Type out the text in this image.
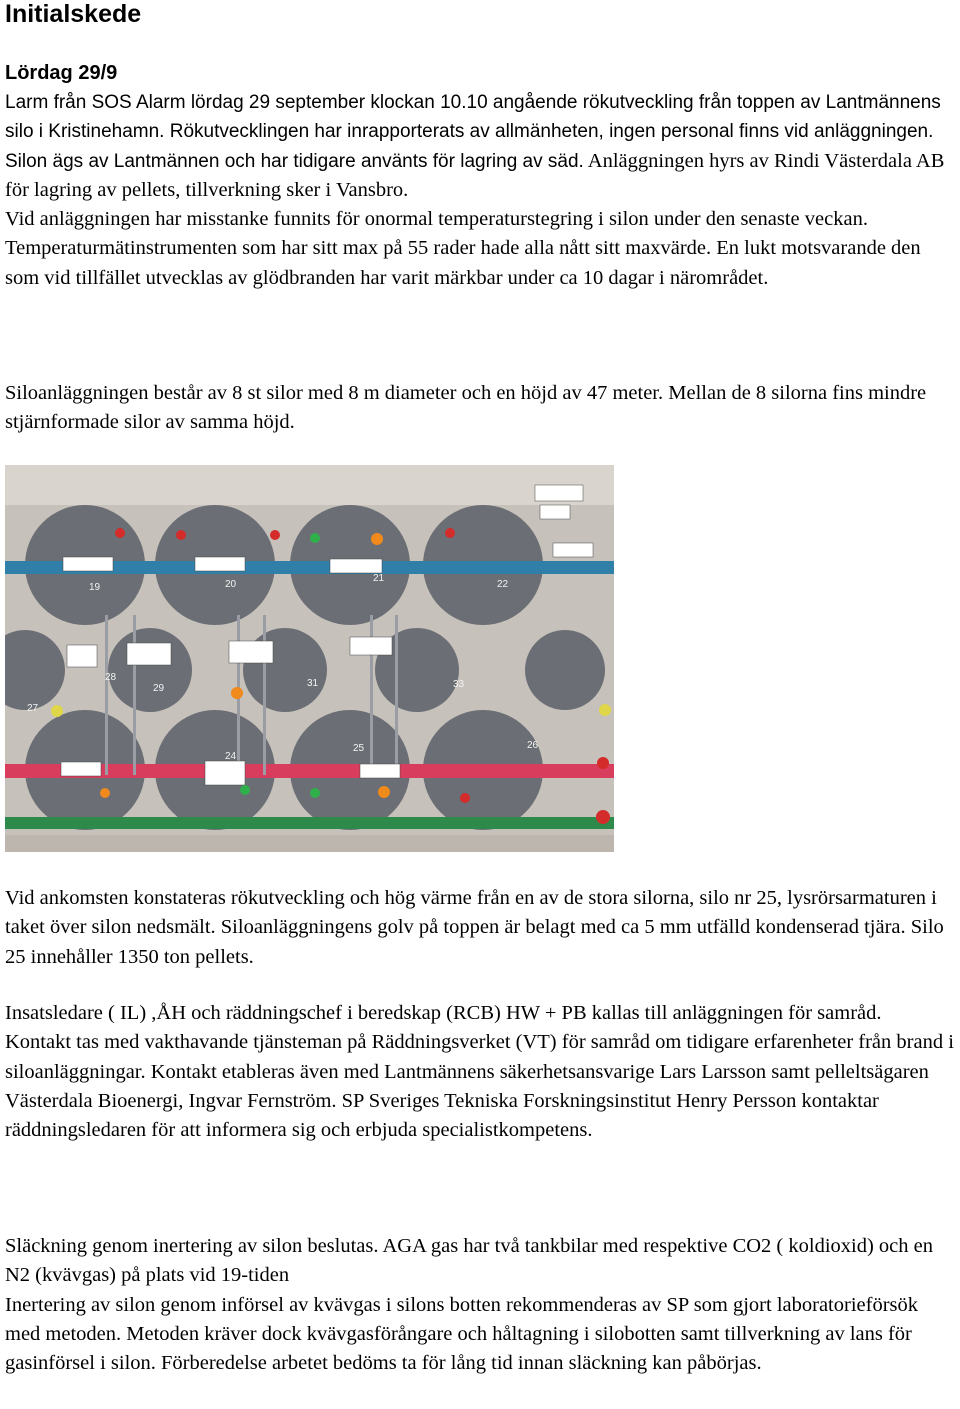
Initialskede
Lördag 29/9

Larm från SOS Alarm lördag 29 september klockan 10.10 angående rökutveckling från toppen av Lantmännens silo i Kristinehamn. Rökutvecklingen har inrapporterats av allmänheten, ingen personal finns vid anläggningen.

Silon ägs av Lantmännen och har tidigare använts för lagring av säd. Anläggningen hyrs av Rindi Västerdala AB för lagring av pellets, tillverkning sker i Vansbro.

Vid anläggningen har misstanke funnits för onormal temperaturstegring i silon under den senaste veckan. Temperaturmätinstrumenten som har sitt max på 55 rader hade alla nått sitt maxvärde. En lukt motsvarande den som vid tillfället utvecklas av glödbranden har varit märkbar under ca 10 dagar i närområdet.

Siloanläggningen består av 8 st silor med 8 m diameter och en höjd av 47 meter. Mellan de 8 silorna fins mindre stjärnformade silor av samma höjd.

19	20
21
22
27
28
29	31	33
24
25	26

Vid ankomsten konstateras rökutveckling och hög värme från en av de stora silorna, silo nr 25, lysrörsarmaturen i taket över silon nedsmält. Siloanläggningens golv på toppen är belagt med ca 5 mm utfälld kondenserad tjära. Silo 25 innehåller 1350 ton pellets.

Insatsledare ( IL) ,ÅH och räddningschef i beredskap (RCB) HW + PB kallas till anläggningen för samråd.

Kontakt tas med vakthavande tjänsteman på Räddningsverket (VT) för samråd om tidigare erfarenheter från brand i siloanläggningar. Kontakt etableras även med Lantmännens säkerhetsansvarige Lars Larsson samt pelleltsägaren Västerdala Bioenergi, Ingvar Fernström. SP Sveriges Tekniska Forskningsinstitut Henry Persson kontaktar räddningsledaren för att informera sig och erbjuda specialistkompetens.

Släckning genom inertering av silon beslutas. AGA gas har två tankbilar med respektive CO2 ( koldioxid) och en N2 (kvävgas) på plats vid 19-tiden

Inertering av silon genom införsel av kvävgas i silons botten rekommenderas av SP som gjort laboratorieförsök med metoden. Metoden kräver dock kvävgasförångare och håltagning i silobotten samt tillverkning av lans för gasinförsel i silon. Förberedelse arbetet bedöms ta för lång tid innan släckning kan påbörjas.
